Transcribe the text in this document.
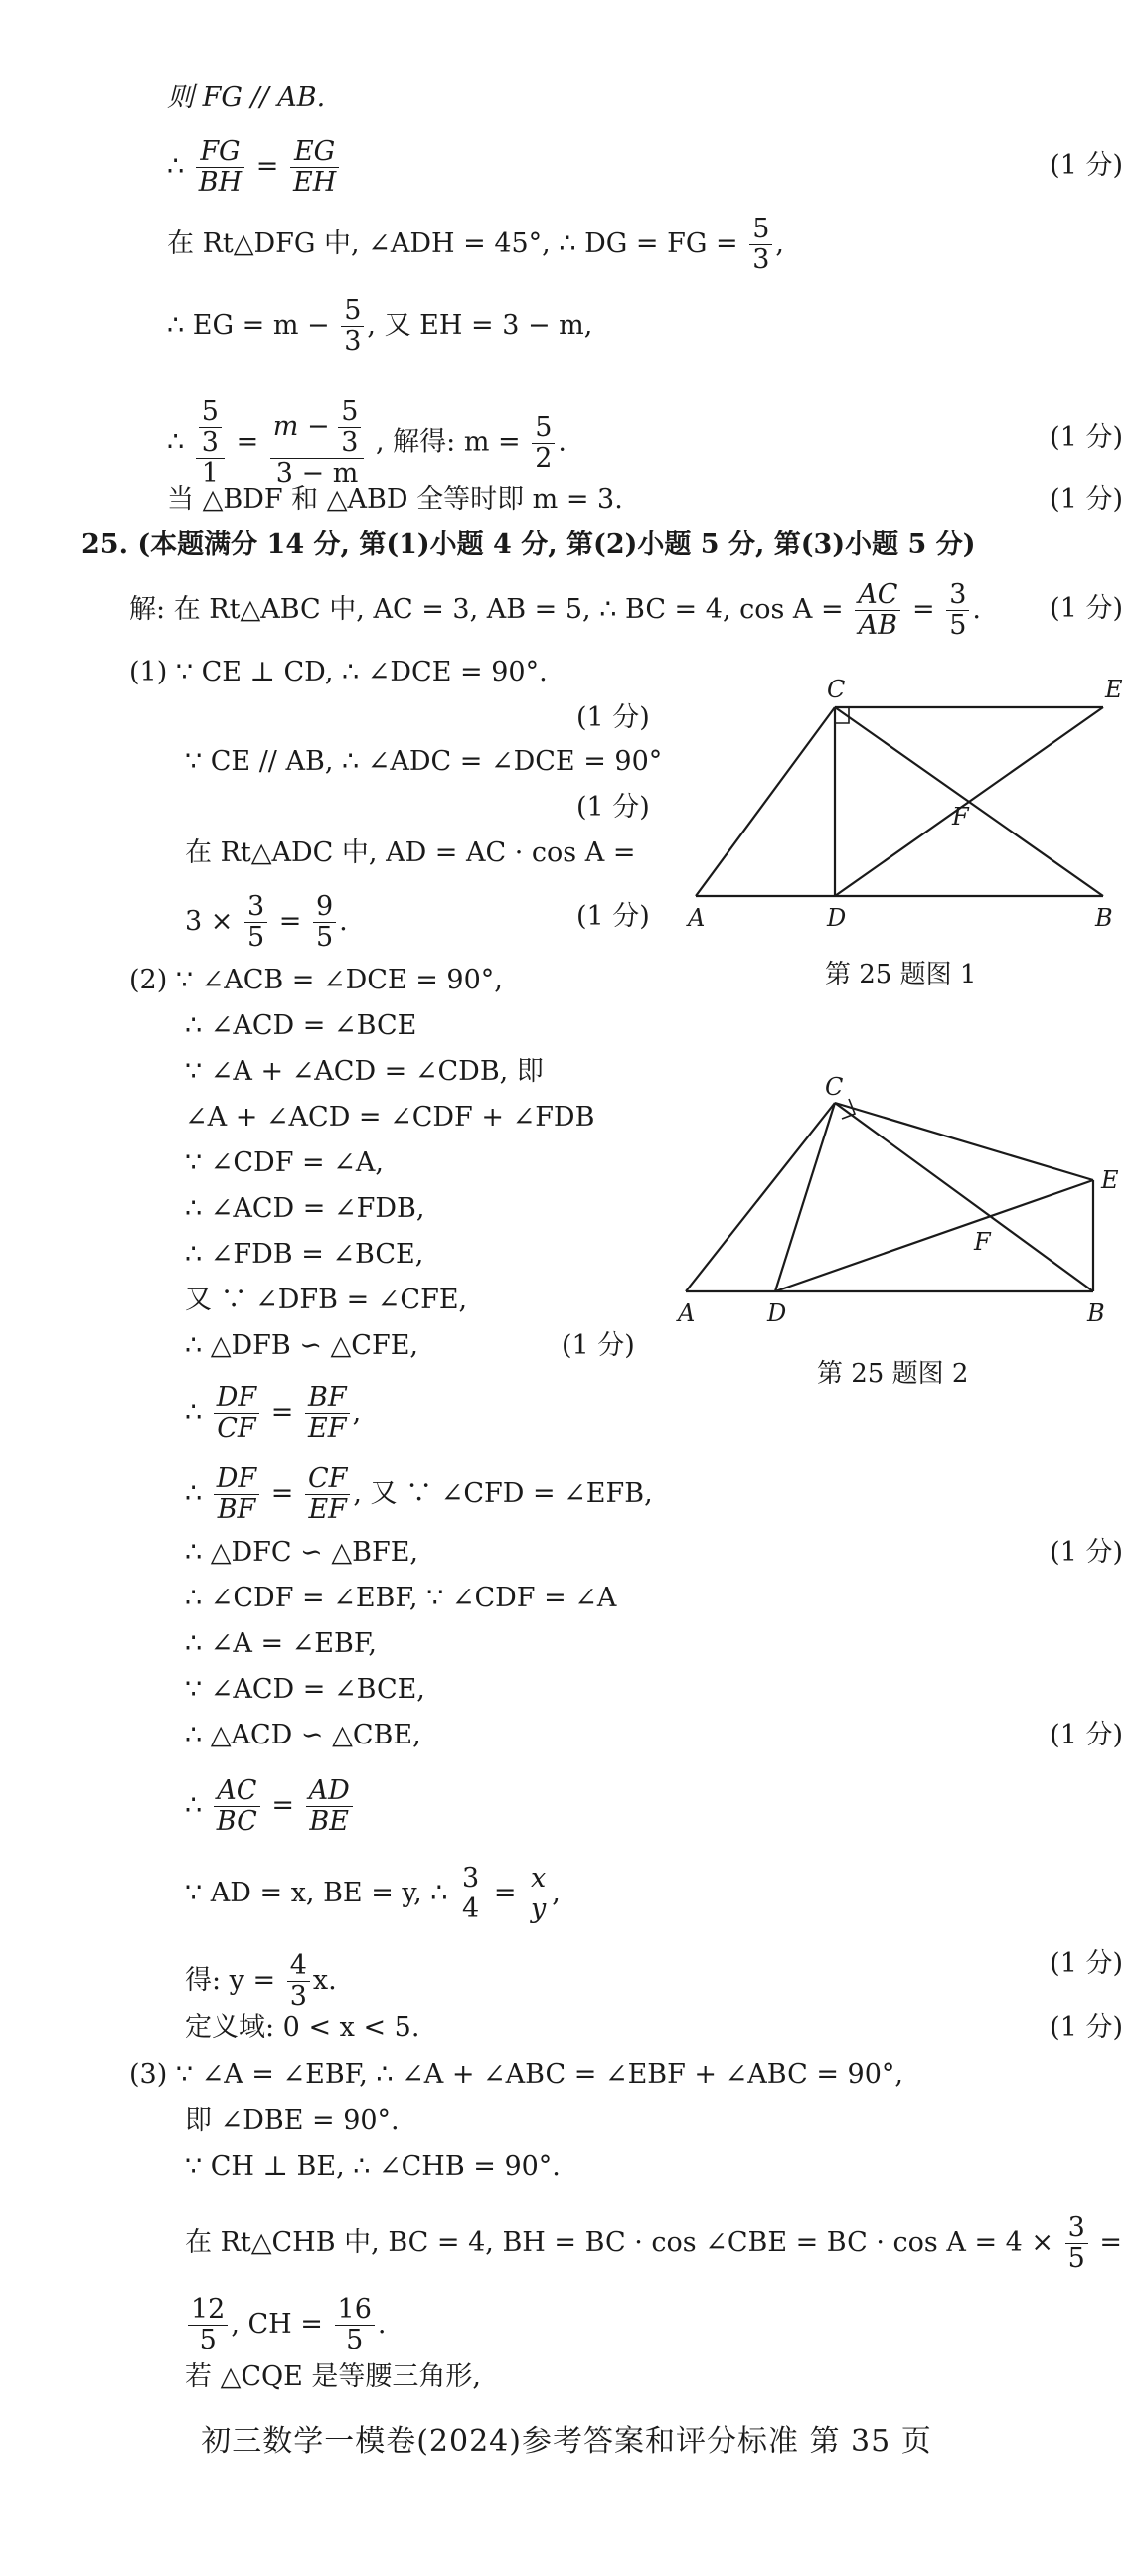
则 FG // AB.
∴ $\frac{FG}{BH} = \frac{EG}{EH}$	(1 分)
在 Rt△DFG 中, ∠ADH = 45°, ∴ DG = FG = $\frac{5}{3}$ ,
∴ EG = $m - \frac{5}{3}$ , 又 EH = 3 − m,
∴ $\frac{\frac{5}{3}}{1} = \frac{m - \frac{5}{3}}{3 - m}$ , 解得: $m = \frac{5}{2}$ .	(1 分)
当 △BDF 和 △ABD 全等时即 m = 3.	(1 分)
25. (本题满分 14 分, 第(1)小题 4 分, 第(2)小题 5 分, 第(3)小题 5 分)
解: 在 Rt△ABC 中, AC = 3, AB = 5, ∴ BC = 4, $\cos A = \frac{AC}{AB} = \frac{3}{5}$ .	(1 分)
(1) ∵ CE ⊥ CD, ∴ ∠DCE = 90°.
(1 分)
∵ CE // AB, ∴ ∠ADC = ∠DCE = 90°
(1 分)
在 Rt△ADC 中, AD = AC · cos A =
$3 \times \frac{3}{5} = \frac{9}{5}$ .	(1 分)
C	E
F
A	D	B
第 25 题图 1
(2) ∵ ∠ACB = ∠DCE = 90°,
∴ ∠ACD = ∠BCE
∵ ∠A + ∠ACD = ∠CDB, 即
∠A + ∠ACD = ∠CDF + ∠FDB
∵ ∠CDF = ∠A,
∴ ∠ACD = ∠FDB,
∴ ∠FDB = ∠BCE,
又 ∵ ∠DFB = ∠CFE,
∴ △DFB ∽ △CFE,	(1 分)
C
E
F
A	D	B
第 25 题图 2
∴ $\frac{DF}{CF} = \frac{BF}{EF}$ ,
∴ $\frac{DF}{BF} = \frac{CF}{EF}$ , 又 ∵ ∠CFD = ∠EFB,
∴ △DFC ∽ △BFE,	(1 分)
∴ ∠CDF = ∠EBF, ∵ ∠CDF = ∠A
∴ ∠A = ∠EBF,
∵ ∠ACD = ∠BCE,
∴ △ACD ∽ △CBE,	(1 分)
∴ $\frac{AC}{BC} = \frac{AD}{BE}$
∵ AD = x, BE = y, ∴ $\frac{3}{4} = \frac{x}{y}$ ,
得: $y = \frac{4}{3} x$.
(1 分)
定义域: 0 < x < 5.	(1 分)
(3) ∵ ∠A = ∠EBF, ∴ ∠A + ∠ABC = ∠EBF + ∠ABC = 90°,
即 ∠DBE = 90°.
∵ CH ⊥ BE, ∴ ∠CHB = 90°.
在 Rt△CHB 中, BC = 4, BH = BC · cos ∠CBE = BC · $\cos A = 4 \times \frac{3}{5}$ =
$\frac{12}{5}$ , CH = $\frac{16}{5}$ .
若 △CQE 是等腰三角形,
初三数学一模卷(2024)参考答案和评分标准 第 35 页
